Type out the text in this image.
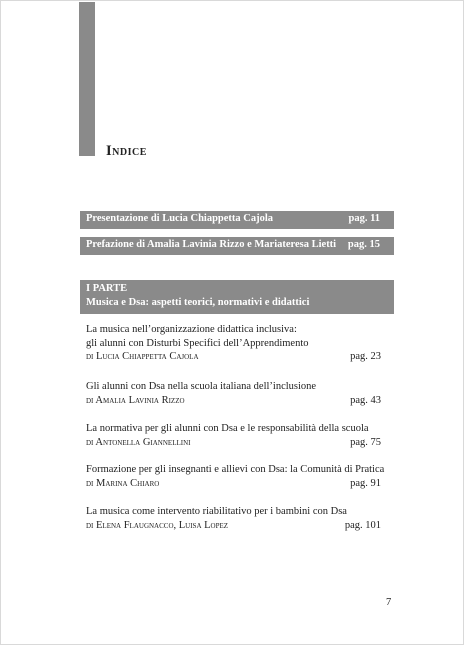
Indice
Presentazione di Lucia Chiappetta Cajola	pag. 11
Prefazione di Amalia Lavinia Rizzo e Mariateresa Lietti pag. 15
I PARTE
Musica e Dsa: aspetti teorici, normativi e didattici
La musica nell’organizzazione didattica inclusiva:
gli alunni con Disturbi Specifici dell’Apprendimento
di Lucia Chiappetta Cajola	pag. 23
Gli alunni con Dsa nella scuola italiana dell’inclusione
di Amalia Lavinia Rizzo	pag. 43
La normativa per gli alunni con Dsa e le responsabilità della scuola
di Antonella Giannellini	pag. 75
Formazione per gli insegnanti e allievi con Dsa: la Comunità di Pratica
di Marina Chiaro	pag. 91
La musica come intervento riabilitativo per i bambini con Dsa
di Elena Flaugnacco, Luisa Lopez	pag. 101
7
